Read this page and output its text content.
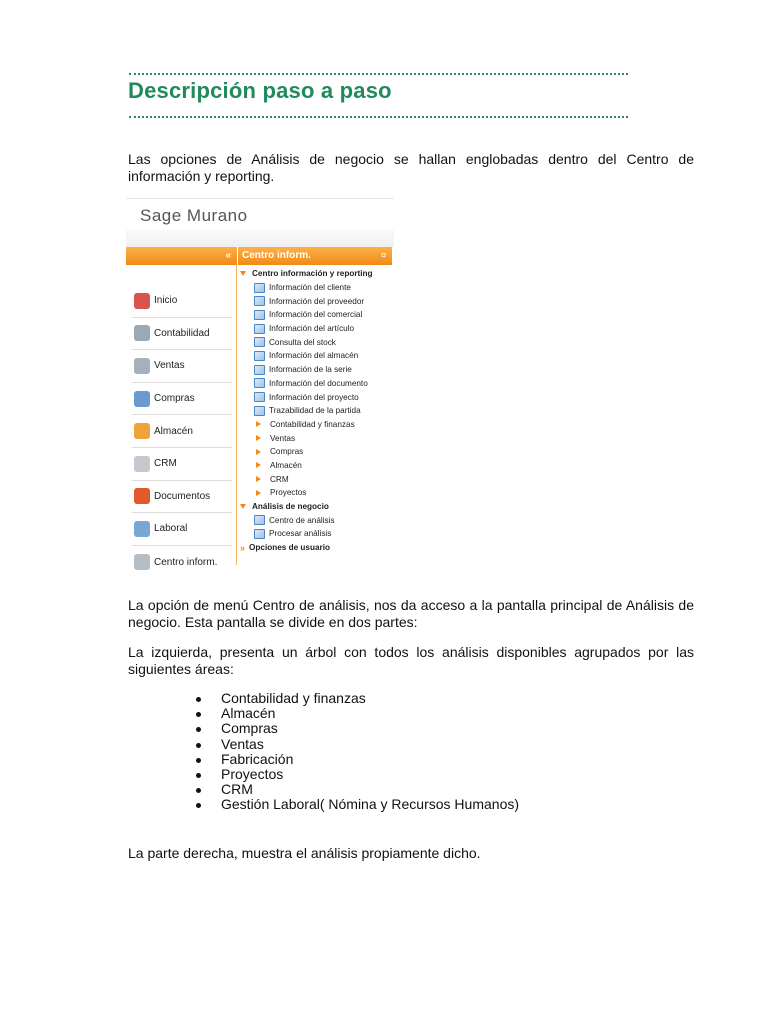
Descripción paso a paso
Las opciones de Análisis de negocio se hallan englobadas dentro del Centro de información y reporting.
Sage Murano
« Centro inform.	¤
Inicio
Contabilidad
Ventas
Compras
Almacén
CRM
Documentos
Laboral
Centro inform.
Centro información y reporting
Información del cliente
Información del proveedor
Información del comercial
Información del artículo
Consulta del stock
Información del almacén
Información de la serie
Información del documento
Información del proyecto
Trazabilidad de la partida
Contabilidad y finanzas
Ventas
Compras
Almacén
CRM
Proyectos
Análisis de negocio
Centro de análisis
Procesar análisis
» Opciones de usuario
La opción de menú Centro de análisis, nos da acceso a la pantalla principal de Análisis de negocio. Esta pantalla se divide en dos partes:
La izquierda, presenta un árbol con todos los análisis disponibles agrupados por las siguientes áreas:
Contabilidad y finanzas
Almacén
Compras
Ventas
Fabricación
Proyectos
CRM
Gestión Laboral( Nómina y Recursos Humanos)
La parte derecha, muestra el análisis propiamente dicho.
